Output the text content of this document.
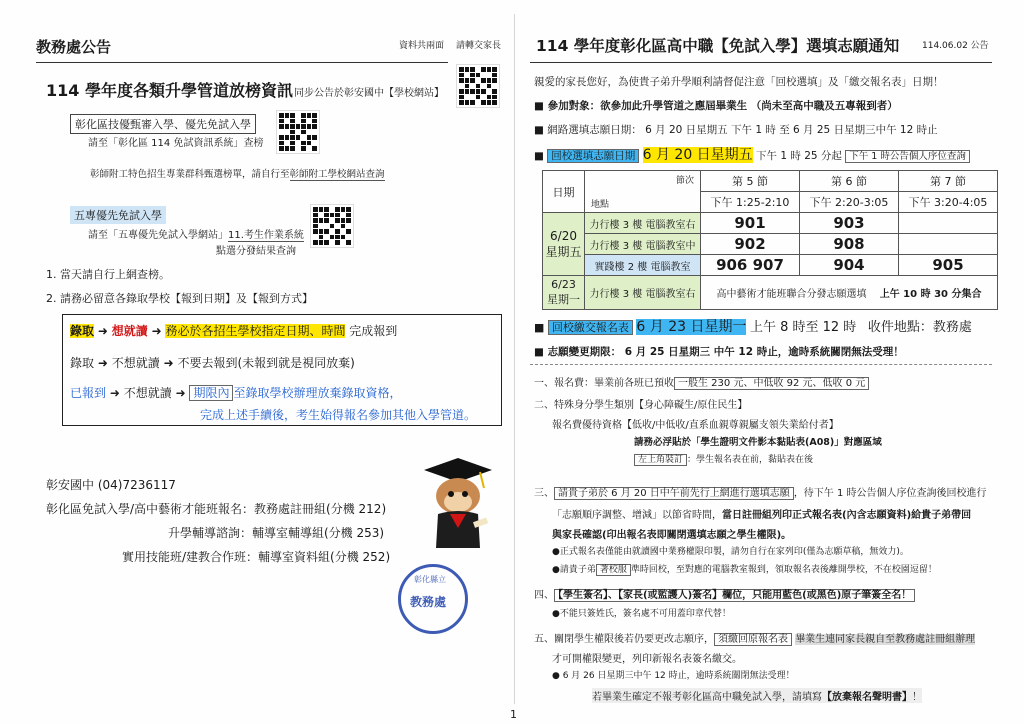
教務處公告	資料共兩面 請轉交家長
114 學年度各類升學管道放榜資訊 同步公告於彰安國中【學校網站】
彰化區技優甄審入學、優先免試入學
請至「彰化區 114 免試資訊系統」查榜
彰師附工特色招生專業群科甄選榜單，請自行至彰師附工學校網站查詢
五專優先免試入學
請至「五專優先免試入學網站」11.考生作業系統
點選分發結果查詢
1. 當天請自行上網查榜。
2. 請務必留意各錄取學校【報到日期】及【報到方式】
錄取 ➜ 想就讀 ➜ 務必於各招生學校指定日期、時間 完成報到
錄取 ➜ 不想就讀 ➜ 不要去報到(未報到就是視同放棄)
已報到 ➜ 不想就讀 ➜ 期限內 至錄取學校辦理放棄錄取資格，
完成上述手續後，考生始得報名參加其他入學管道。
彰安國中 (04)7236117
彰化區免試入學/高中藝術才能班報名：教務處註冊組(分機 212)
升學輔導諮詢：輔導室輔導組(分機 253)
實用技能班/建教合作班：輔導室資料組(分機 252)
彰化縣立
教務處
114 學年度彰化區高中職【免試入學】選填志願通知	114.06.02 公告
親愛的家長您好，為使貴子弟升學順利請督促注意「回校選填」及「繳交報名表」日期！
■ 參加對象：欲參加此升學管道之應屆畢業生 （尚未至高中職及五專報到者）
■ 網路選填志願日期： 6 月 20 日星期五 下午 1 時 至 6 月 25 日星期三中午 12 時止
■ 回校選填志願日期 6 月 20 日星期五 下午 1 時 25 分起 下午 1 時公告個人序位查詢
日期	節次
地點	第 5 節	第 6 節	第 7 節
		下午 1:25-2:10	下午 2:20-3:05	下午 3:20-4:05

6/20
星期五	力行樓 3 樓 電腦教室右	901	903	
	力行樓 3 樓 電腦教室中	902	908	
	實踐樓 2 樓 電腦教室	906 907	904	905

6/23
星期一	力行樓 3 樓 電腦教室右	高中藝術才能班聯合分發志願選填 上午 10 時 30 分集合		
■ 回校繳交報名表 6 月 23 日星期一 上午 8 時至 12 時 收件地點：教務處
■ 志願變更期限： 6 月 25 日星期三 中午 12 時止，逾時系統關閉無法受理！
一、報名費：畢業前各班已預收 一般生 230 元、中低收 92 元、低收 0 元
二、特殊身分學生類別【身心障礙生/原住民生】
報名費優待資格【低收/中低收/直系血親尊親屬支領失業給付者】
請務必浮貼於「學生證明文件影本黏貼表(A08)」對應區域
左上角裝訂 ：學生報名表在前，黏貼表在後
三、 請貴子弟於 6 月 20 日中午前先行上網進行選填志願 ，待下午 1 時公告個人序位查詢後回校進行
「志願順序調整、增減」以節省時間，當日註冊組列印正式報名表(內含志願資料)給貴子弟帶回
與家長確認(印出報名表即關閉選填志願之學生權限)。
●正式報名表僅能由就讀國中業務權限印製，請勿自行在家列印(僅為志願草稿，無效力)。
●請貴子弟 著校服 準時回校，至對應的電腦教室報到，領取報名表後離開學校，不在校園逗留！
四、 【學生簽名】、【家長(或監護人)簽名】欄位，只能用藍色(或黑色)原子筆簽全名！
●不能只簽姓氏，簽名處不可用蓋印章代替！
五、關閉學生權限後若仍要更改志願序， 須繳回原報名表 畢業生連同家長親自至教務處註冊組辦理
才可開權限變更，列印新報名表簽名繳交。
● 6 月 26 日星期三中午 12 時止，逾時系統關閉無法受理！
若畢業生確定不報考彰化區高中職免試入學，請填寫【放棄報名聲明書】！
1
